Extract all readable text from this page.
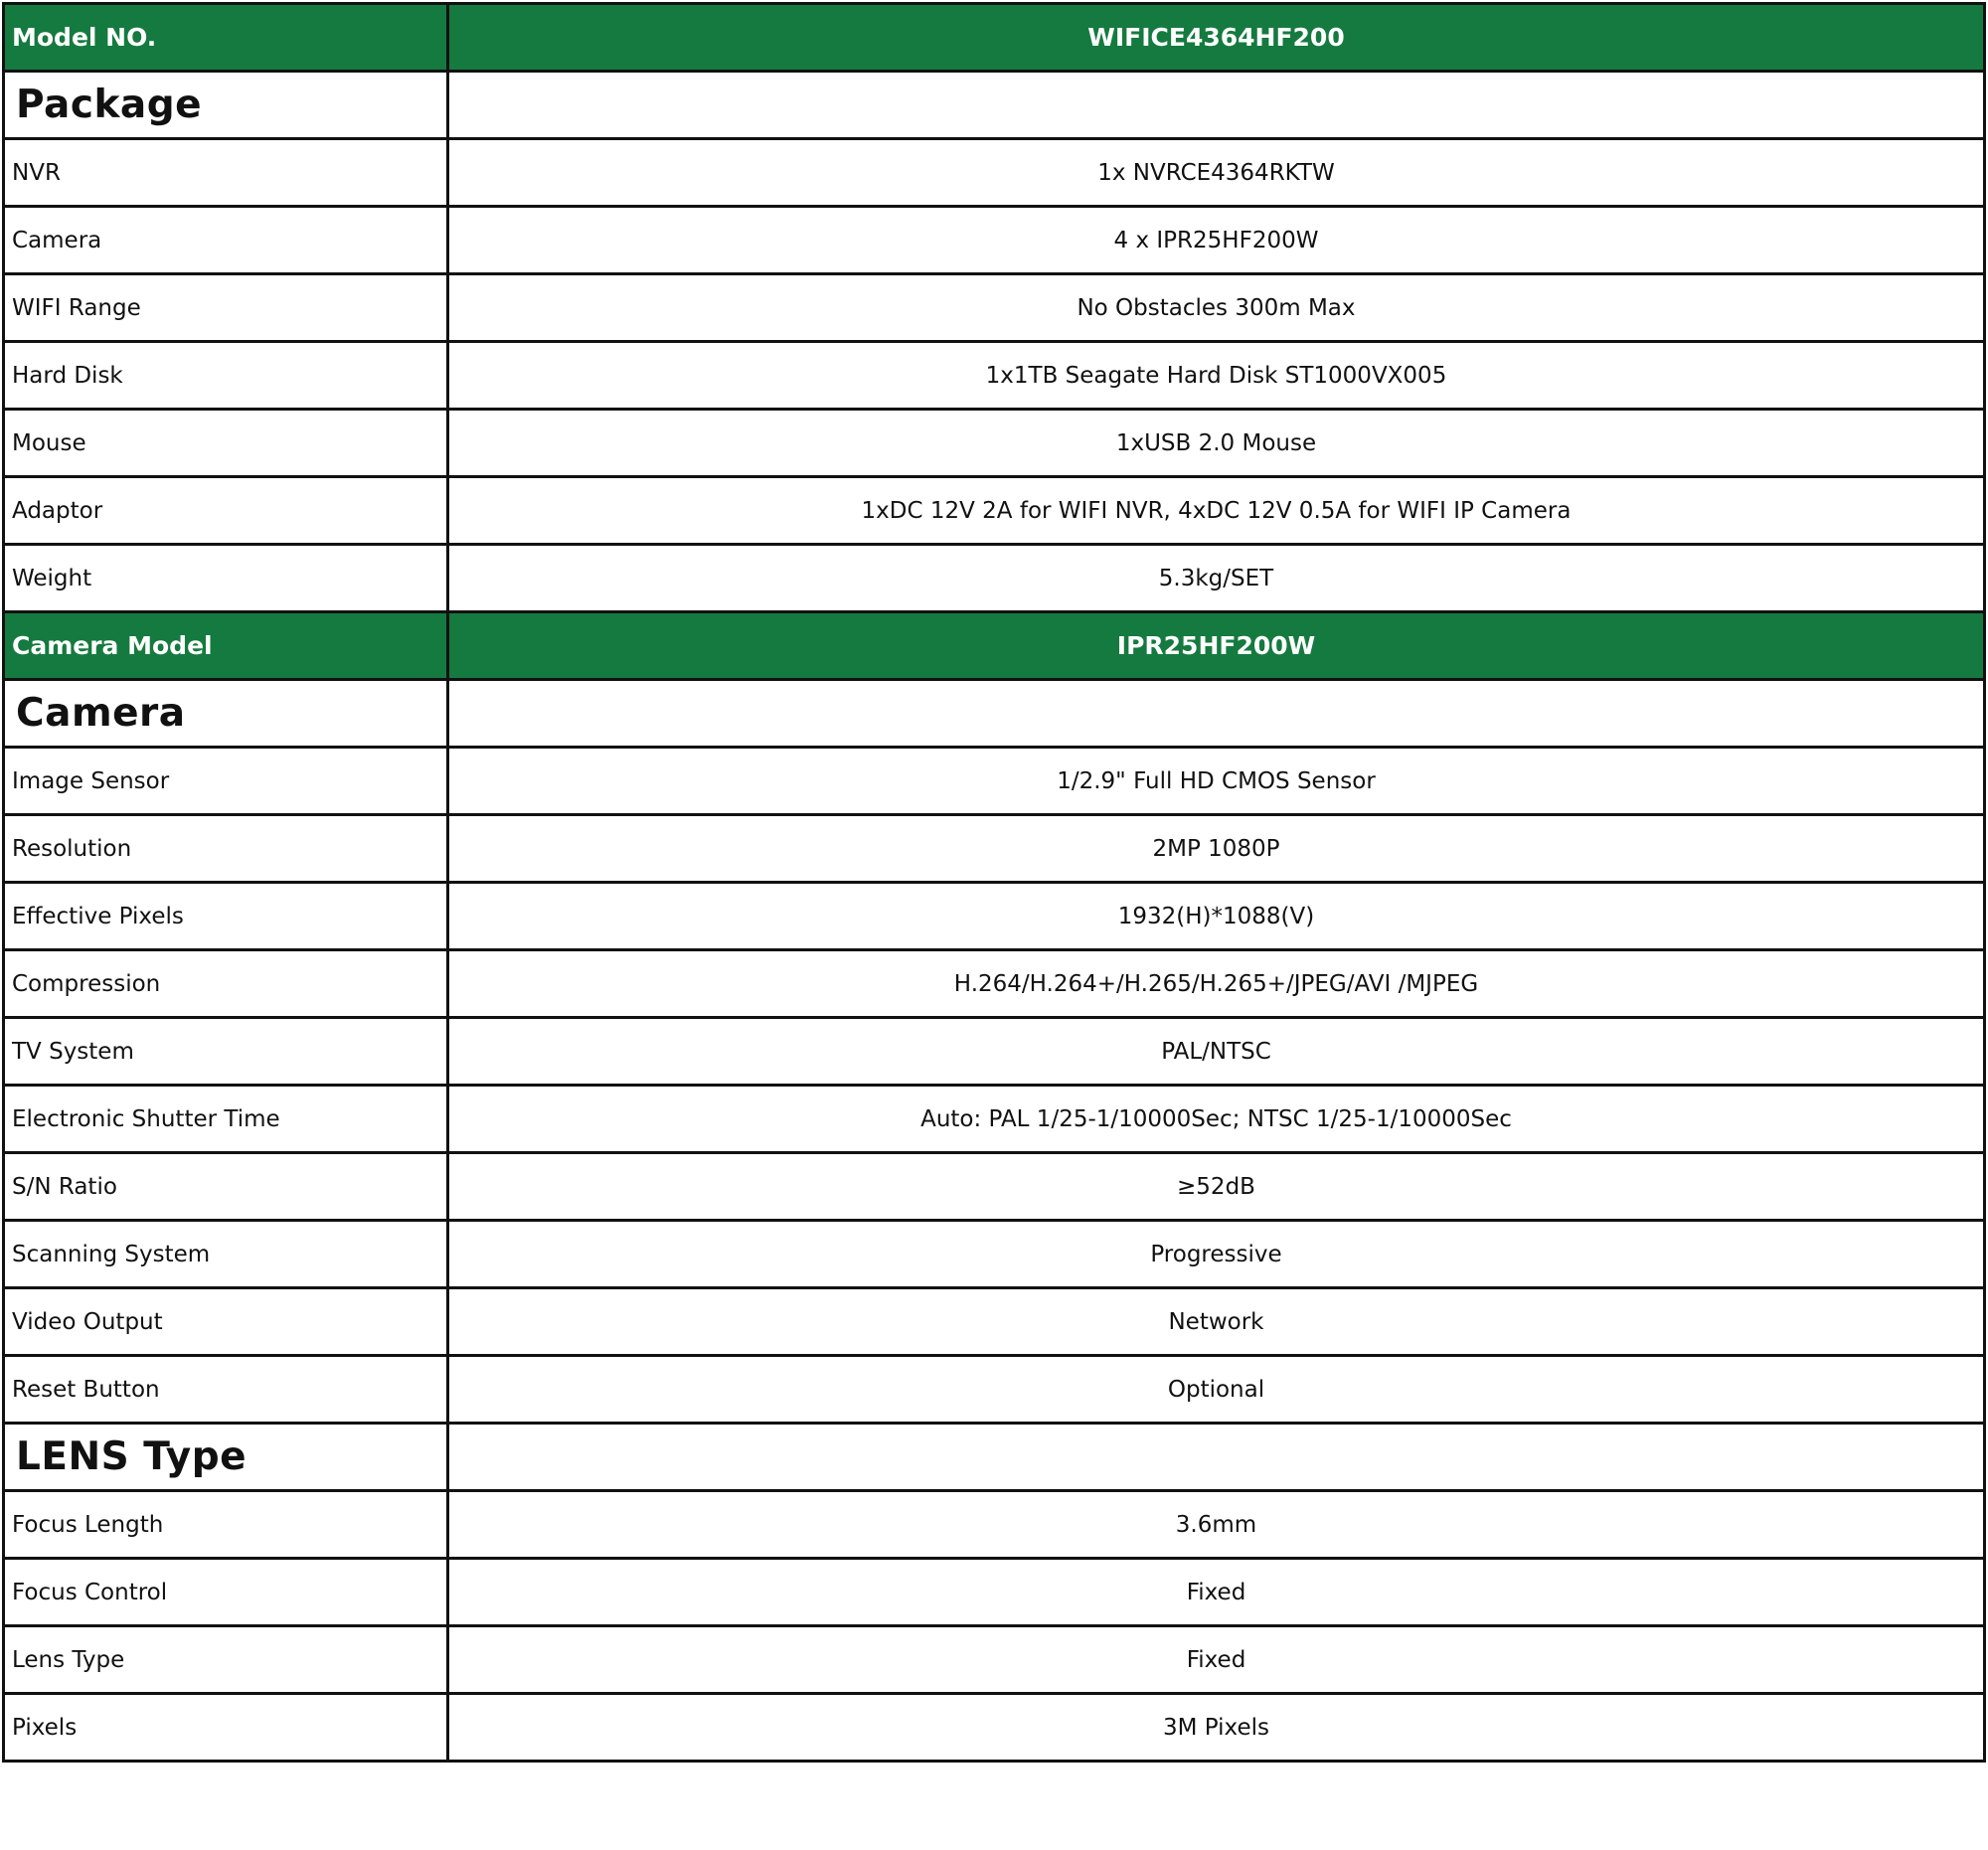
Model NO.	WIFICE4364HF200
Package	
NVR	1x NVRCE4364RKTW
Camera	4 x IPR25HF200W
WIFI Range	No Obstacles 300m Max
Hard Disk	1x1TB Seagate Hard Disk ST1000VX005
Mouse	1xUSB 2.0 Mouse
Adaptor	1xDC 12V 2A for WIFI NVR, 4xDC 12V 0.5A for WIFI IP Camera
Weight	5.3kg/SET
Camera Model	IPR25HF200W
Camera	
Image Sensor	1/2.9" Full HD CMOS Sensor
Resolution	2MP 1080P
Effective Pixels	1932(H)*1088(V)
Compression	H.264/H.264+/H.265/H.265+/JPEG/AVI /MJPEG
TV System	PAL/NTSC
Electronic Shutter Time	Auto: PAL 1/25-1/10000Sec; NTSC 1/25-1/10000Sec
S/N Ratio	≥52dB
Scanning System	Progressive
Video Output	Network
Reset Button	Optional
LENS Type	
Focus Length	3.6mm
Focus Control	Fixed
Lens Type	Fixed
Pixels	3M Pixels
